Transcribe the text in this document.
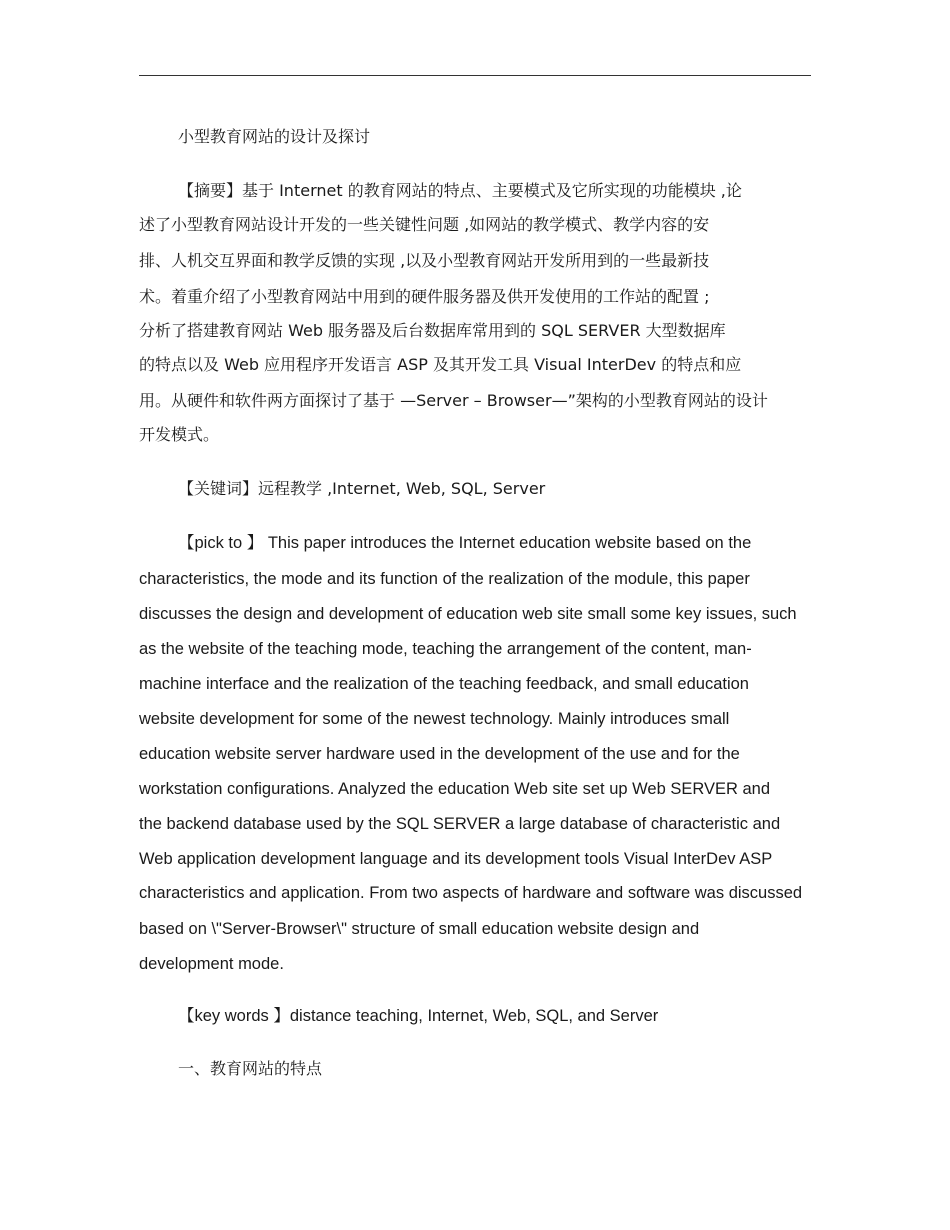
小型教育网站的设计及探讨
【摘要】基于 Internet 的教育网站的特点、主要模式及它所实现的功能模块 ,论
述了小型教育网站设计开发的一些关键性问题 ,如网站的教学模式、教学内容的安
排、人机交互界面和教学反馈的实现 ,以及小型教育网站开发所用到的一些最新技
术。着重介绍了小型教育网站中用到的硬件服务器及供开发使用的工作站的配置 ;
分析了搭建教育网站 Web 服务器及后台数据库常用到的 SQL SERVER 大型数据库
的特点以及 Web 应用程序开发语言 ASP 及其开发工具 Visual InterDev 的特点和应
用。从硬件和软件两方面探讨了基于 —Server – Browser—”架构的小型教育网站的设计
开发模式。
【关键词】远程教学 ,Internet, Web, SQL, Server
【pick to 】 This paper introduces the Internet education website based on the
characteristics, the mode and its function of the realization of the module, this paper
discusses the design and development of education web site small some key issues, such
as the website of the teaching mode, teaching the arrangement of the content, man-
machine interface and the realization of the teaching feedback, and small education
website development for some of the newest technology. Mainly introduces small
education website server hardware used in the development of the use and for the
workstation configurations. Analyzed the education Web site set up Web SERVER and
the backend database used by the SQL SERVER a large database of characteristic and
Web application development language and its development tools Visual InterDev ASP
characteristics and application. From two aspects of hardware and software was discussed
based on \"Server-Browser\" structure of small education website design and
development mode.
【key words 】distance teaching, Internet, Web, SQL, and Server
一、教育网站的特点
